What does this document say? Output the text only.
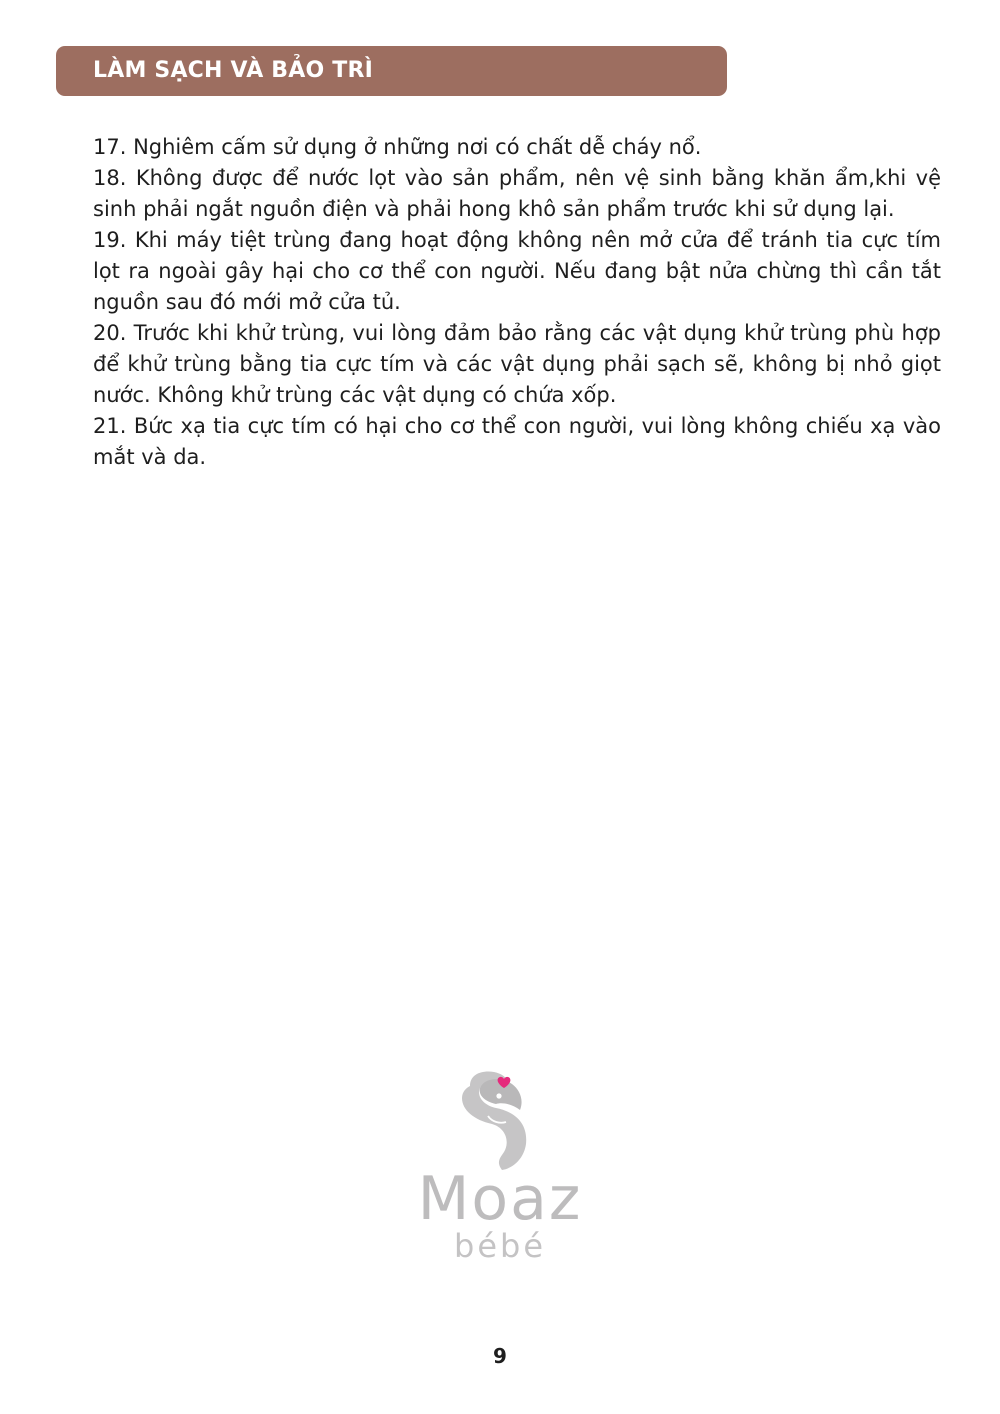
LÀM SẠCH VÀ BẢO TRÌ

17. Nghiêm cấm sử dụng ở những nơi có chất dễ cháy nổ.

18. Không được để nước lọt vào sản phẩm, nên vệ sinh bằng khăn ẩm,khi vệ sinh phải ngắt nguồn điện và phải hong khô sản phẩm trước khi sử dụng lại.

19. Khi máy tiệt trùng đang hoạt động không nên mở cửa để tránh tia cực tím lọt ra ngoài gây hại cho cơ thể con người. Nếu đang bật nửa chừng thì cần tắt nguồn sau đó mới mở cửa tủ.

20. Trước khi khử trùng, vui lòng đảm bảo rằng các vật dụng khử trùng phù hợp để khử trùng bằng tia cực tím và các vật dụng phải sạch sẽ, không bị nhỏ giọt nước. Không khử trùng các vật dụng có chứa xốp.

21. Bức xạ tia cực tím có hại cho cơ thể con người, vui lòng không chiếu xạ vào mắt và da.

Moaz
bébé
9
